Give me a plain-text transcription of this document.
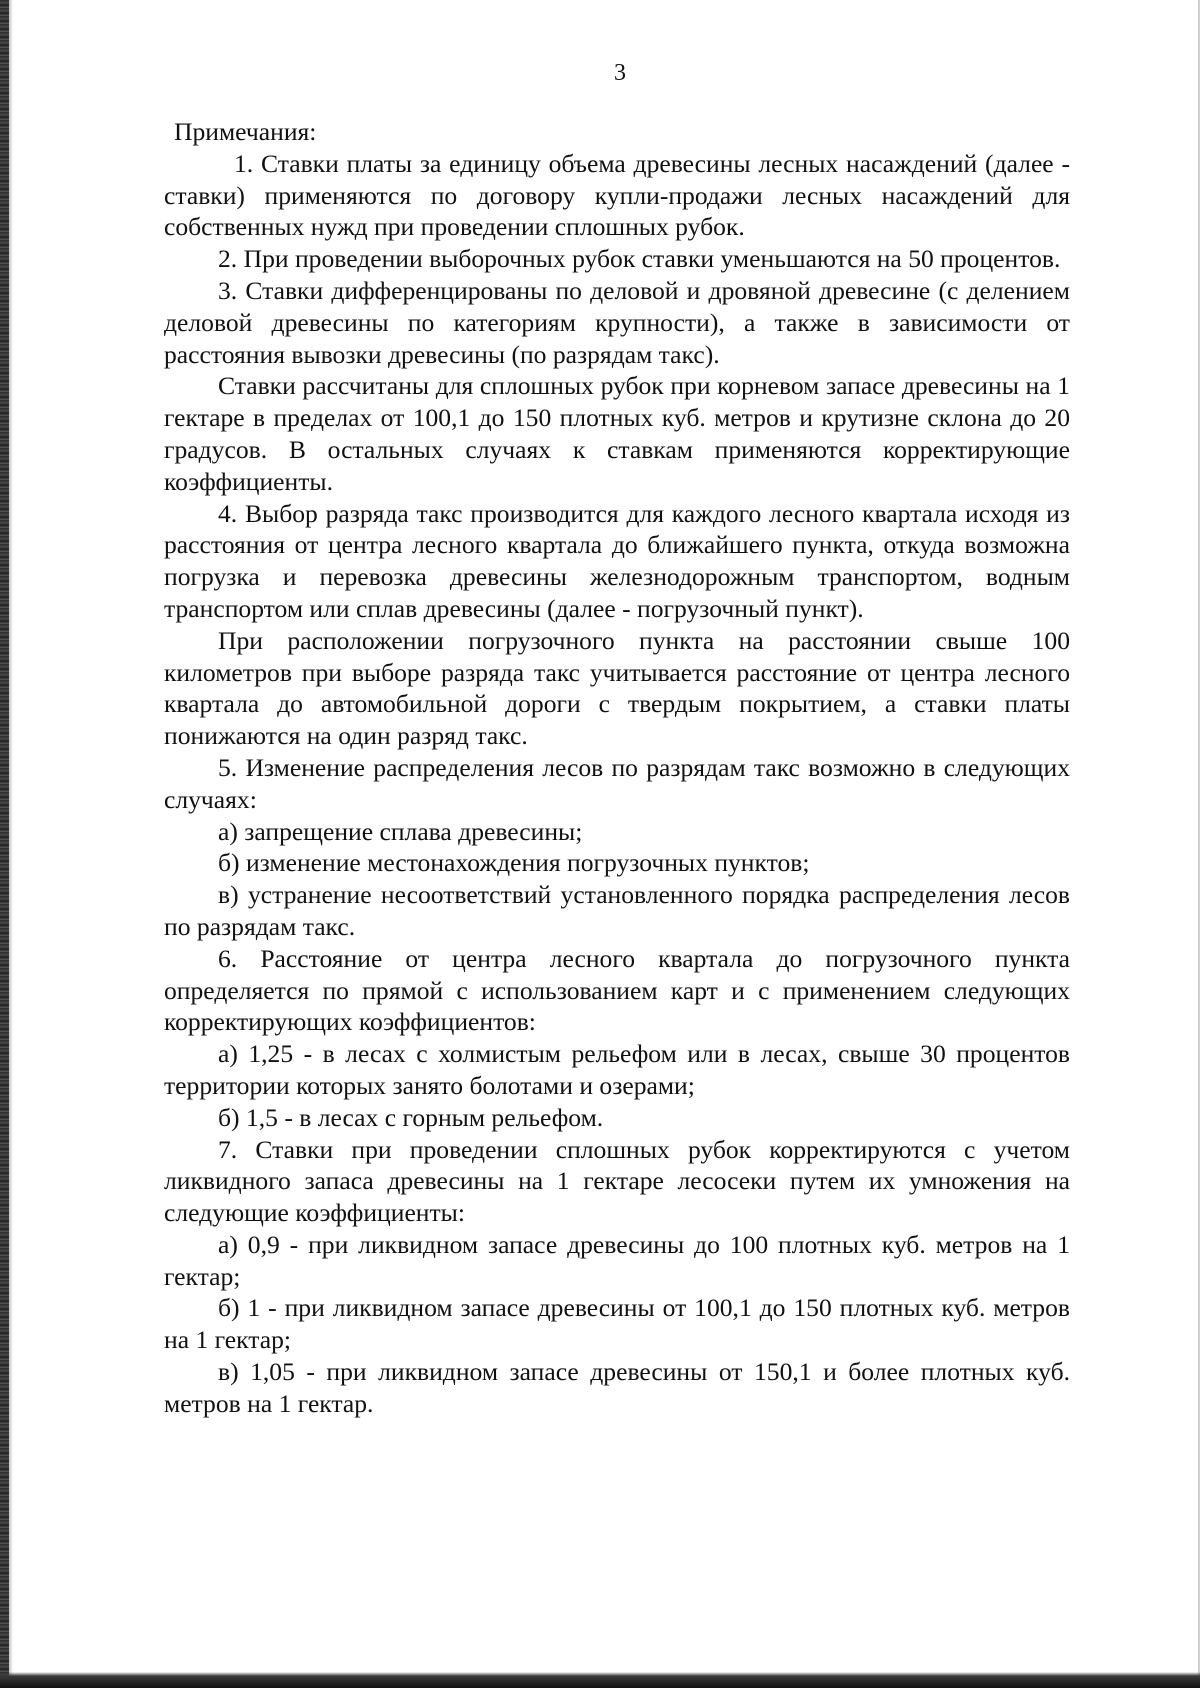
3

Примечания:

1. Ставки платы за единицу объема древесины лесных насаждений (далее - ставки) применяются по договору купли-продажи лесных насаждений для собственных нужд при проведении сплошных рубок.

2. При проведении выборочных рубок ставки уменьшаются на 50 процентов.

3. Ставки дифференцированы по деловой и дровяной древесине (с делением деловой древесины по категориям крупности), а также в зависимости от расстояния вывозки древесины (по разрядам такс).

Ставки рассчитаны для сплошных рубок при корневом запасе древесины на 1 гектаре в пределах от 100,1 до 150 плотных куб. метров и крутизне склона до 20 градусов. В остальных случаях к ставкам применяются корректирующие коэффициенты.

4. Выбор разряда такс производится для каждого лесного квартала исходя из расстояния от центра лесного квартала до ближайшего пункта, откуда возможна погрузка и перевозка древесины железнодорожным транспортом, водным транспортом или сплав древесины (далее - погрузочный пункт).

При расположении погрузочного пункта на расстоянии свыше 100 километров при выборе разряда такс учитывается расстояние от центра лесного квартала до автомобильной дороги с твердым покрытием, а ставки платы понижаются на один разряд такс.

5. Изменение распределения лесов по разрядам такс возможно в следующих случаях:

а) запрещение сплава древесины;

б) изменение местонахождения погрузочных пунктов;

в) устранение несоответствий установленного порядка распределения лесов по разрядам такс.

6. Расстояние от центра лесного квартала до погрузочного пункта определяется по прямой с использованием карт и с применением следующих корректирующих коэффициентов:

а) 1,25 - в лесах с холмистым рельефом или в лесах, свыше 30 процентов территории которых занято болотами и озерами;

б) 1,5 - в лесах с горным рельефом.

7. Ставки при проведении сплошных рубок корректируются с учетом ликвидного запаса древесины на 1 гектаре лесосеки путем их умножения на следующие коэффициенты:

а) 0,9 - при ликвидном запасе древесины до 100 плотных куб. метров на 1 гектар;

б) 1 - при ликвидном запасе древесины от 100,1 до 150 плотных куб. метров на 1 гектар;

в) 1,05 - при ликвидном запасе древесины от 150,1 и более плотных куб. метров на 1 гектар.
